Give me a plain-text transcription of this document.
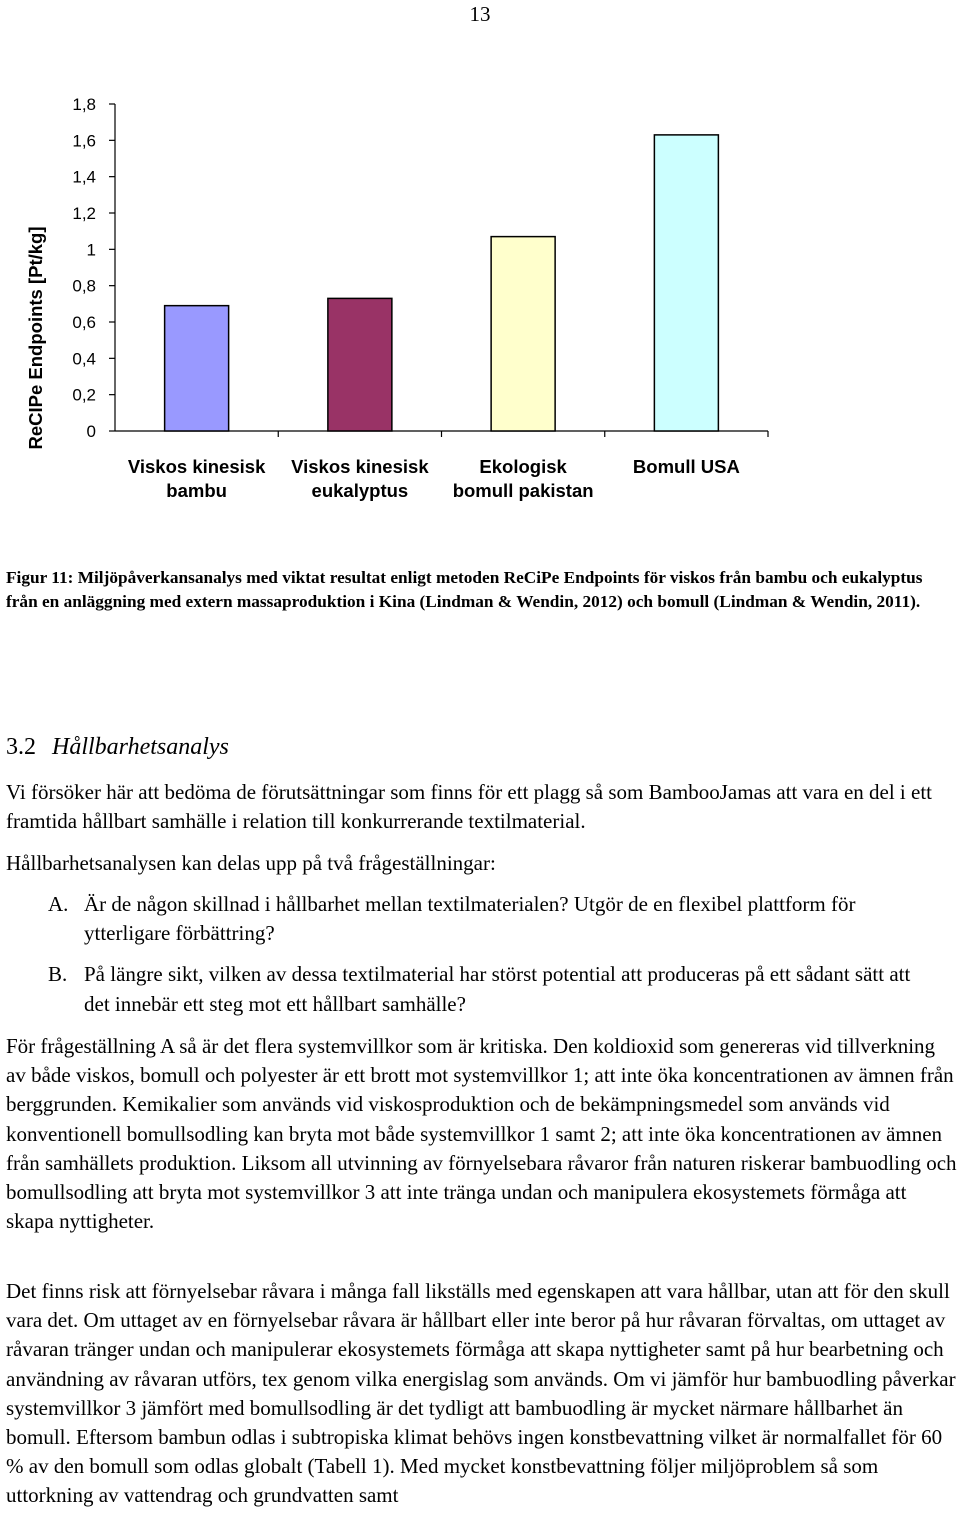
13
ReCIPe Endpoints [Pt/kg] 0
0,2
0,4
0,6
0,8
1
1,2
1,4
1,6
1,8
Viskos kinesisk
bambu
Viskos kinesisk
eukalyptus
Ekologisk
bomull pakistan
Bomull USA
Figur 11: Miljöpåverkansanalys med viktat resultat enligt metoden ReCiPe Endpoints för viskos från bambu och eukalyptus från en anläggning med extern massaproduktion i Kina (Lindman & Wendin, 2012) och bomull (Lindman & Wendin, 2011).
3.2 Hållbarhetsanalys

Vi försöker här att bedöma de förutsättningar som finns för ett plagg så som BambooJamas att vara en del i ett framtida hållbart samhälle i relation till konkurrerande textilmaterial.

Hållbarhetsanalysen kan delas upp på två frågeställningar:

A. Är de någon skillnad i hållbarhet mellan textilmaterialen? Utgör de en flexibel plattform för ytterligare förbättring?

B. På längre sikt, vilken av dessa textilmaterial har störst potential att produceras på ett sådant sätt att det innebär ett steg mot ett hållbart samhälle?

För frågeställning A så är det flera systemvillkor som är kritiska. Den koldioxid som genereras vid tillverkning av både viskos, bomull och polyester är ett brott mot systemvillkor 1; att inte öka koncentrationen av ämnen från berggrunden. Kemikalier som används vid viskosproduktion och de bekämpningsmedel som används vid konventionell bomullsodling kan bryta mot både systemvillkor 1 samt 2; att inte öka koncentrationen av ämnen från samhällets produktion. Liksom all utvinning av förnyelsebara råvaror från naturen riskerar bambuodling och bomullsodling att bryta mot systemvillkor 3 att inte tränga undan och manipulera ekosystemets förmåga att skapa nyttigheter.

Det finns risk att förnyelsebar råvara i många fall likställs med egenskapen att vara hållbar, utan att för den skull vara det. Om uttaget av en förnyelsebar råvara är hållbart eller inte beror på hur råvaran förvaltas, om uttaget av råvaran tränger undan och manipulerar ekosystemets förmåga att skapa nyttigheter samt på hur bearbetning och användning av råvaran utförs, tex genom vilka energislag som används. Om vi jämför hur bambuodling påverkar systemvillkor 3 jämfört med bomullsodling är det tydligt att bambuodling är mycket närmare hållbarhet än bomull. Eftersom bambun odlas i subtropiska klimat behövs ingen konstbevattning vilket är normalfallet för 60 % av den bomull som odlas globalt (Tabell 1). Med mycket konstbevattning följer miljöproblem så som uttorkning av vattendrag och grundvatten samt
